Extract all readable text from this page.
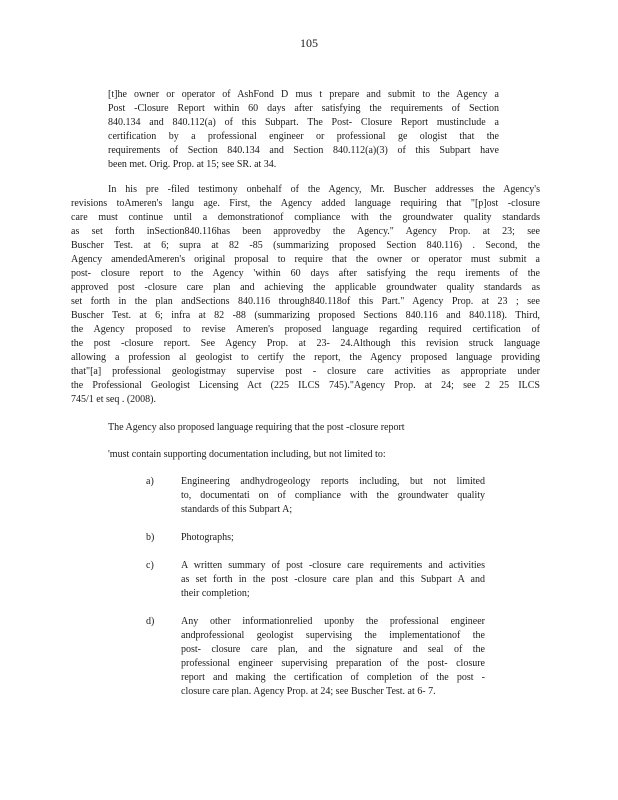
105
[t]he owner or operator of AshFond D mus t prepare and submit to the Agency a
Post -Closure Report within 60 days after satisfying the requirements of Section
840.134 and 840.112(a) of this Subpart. The Post- Closure Report mustinclude a
certification by a professional engineer or professional ge ologist that the
requirements of Section 840.134 and Section 840.112(a)(3) of this Subpart have
been met. Orig. Prop. at 15; see SR. at 34.
In his pre -filed testimony onbehalf of the Agency, Mr. Buscher addresses the Agency's
revisions toAmeren's langu age. First, the Agency added language requiring that "[p]ost -closure
care must continue until a demonstrationof compliance with the groundwater quality standards
as set forth inSection840.116has been approvedby the Agency." Agency Prop. at 23; see
Buscher Test. at 6; supra at 82 -85 (summarizing proposed Section 840.116) . Second, the
Agency amendedAmeren's original proposal to require that the owner or operator must submit a
post- closure report to the Agency 'within 60 days after satisfying the requ irements of the
approved post -closure care plan and achieving the applicable groundwater quality standards as
set forth in the plan andSections 840.116 through840.118of this Part." Agency Prop. at 23 ; see
Buscher Test. at 6; infra at 82 -88 (summarizing proposed Sections 840.116 and 840.118). Third,
the Agency proposed to revise Ameren's proposed language regarding required certification of
the post -closure report. See Agency Prop. at 23- 24.Although this revision struck language
allowing a profession al geologist to certify the report, the Agency proposed language providing
that"[a] professional geologistmay supervise post - closure care activities as appropriate under
the Professional Geologist Licensing Act (225 ILCS 745)."Agency Prop. at 24; see 2 25 ILCS
745/1 et seq . (2008).
The Agency also proposed language requiring that the post -closure report
'must contain supporting documentation including, but not limited to:
a)	Engineering andhydrogeology reports including, but not limited
to, documentati on of compliance with the groundwater quality
standards of this Subpart A;
b)	Photographs;
c)	A written summary of post -closure care requirements and activities
as set forth in the post -closure care plan and this Subpart A and
their completion;
d)	Any other informationrelied uponby the professional engineer
andprofessional geologist supervising the implementationof the
post- closure care plan, and the signature and seal of the
professional engineer supervising preparation of the post- closure
report and making the certification of completion of the post -
closure care plan. Agency Prop. at 24; see Buscher Test. at 6- 7.
